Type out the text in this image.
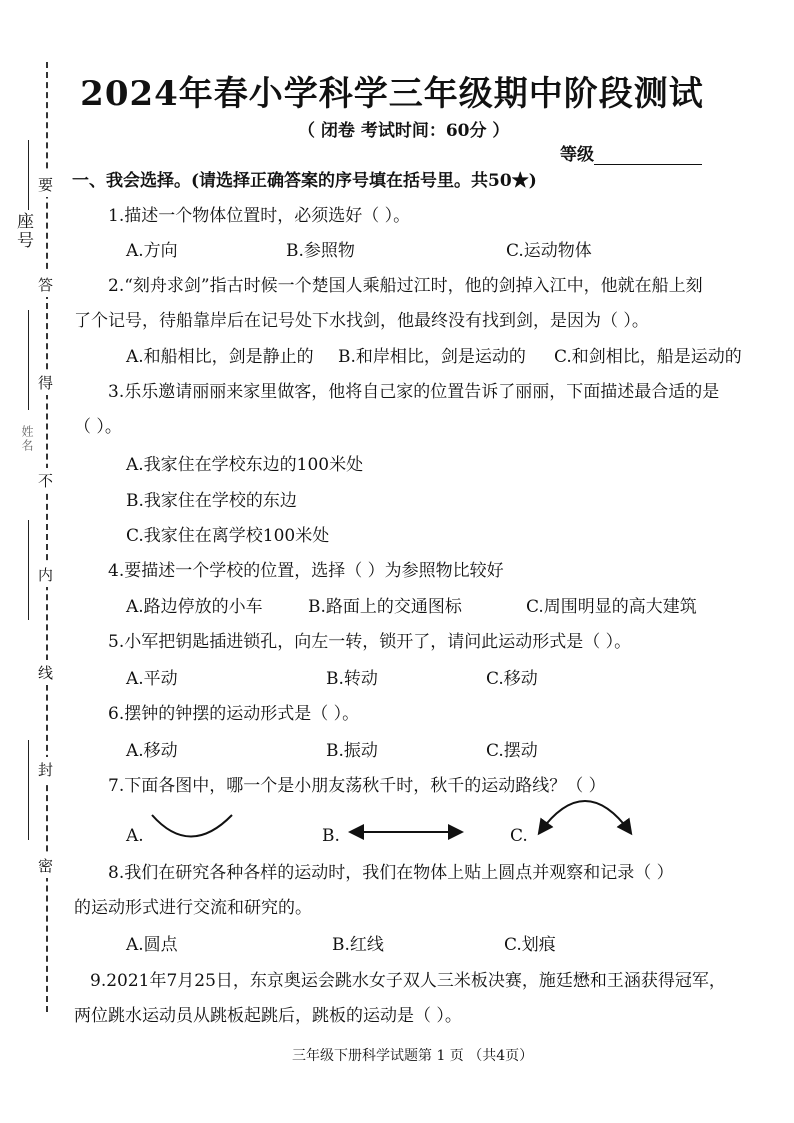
座号
姓名
要
答
得
不
内
线
封
密
2024年春小学科学三年级期中阶段测试
（ 闭卷 考试时间：60分 ）
等级
一、我会选择。(请选择正确答案的序号填在括号里。共50★)
1.描述一个物体位置时，必须选好（ ）。
A.方向	B.参照物	C.运动物体
2.“刻舟求剑”指古时候一个楚国人乘船过江时，他的剑掉入江中，他就在船上刻
了个记号，待船靠岸后在记号处下水找剑，他最终没有找到剑，是因为（ ）。
A.和船相比，剑是静止的 B.和岸相比，剑是运动的 C.和剑相比，船是运动的
3.乐乐邀请丽丽来家里做客，他将自己家的位置告诉了丽丽，下面描述最合适的是
（ ）。
A.我家住在学校东边的100米处
B.我家住在学校的东边
C.我家住在离学校100米处
4.要描述一个学校的位置，选择（ ）为参照物比较好
A.路边停放的小车	B.路面上的交通图标	C.周围明显的高大建筑
5.小军把钥匙插进锁孔，向左一转，锁开了，请问此运动形式是（ ）。
A.平动	B.转动	C.移动
6.摆钟的钟摆的运动形式是（ ）。
A.移动	B.振动	C.摆动
7.下面各图中，哪一个是小朋友荡秋千时，秋千的运动路线？（ ）
A.	B.	C.
8.我们在研究各种各样的运动时，我们在物体上贴上圆点并观察和记录（ ）
的运动形式进行交流和研究的。
A.圆点	B.红线	C.划痕
9.2021年7月25日，东京奥运会跳水女子双人三米板决赛，施廷懋和王涵获得冠军，
两位跳水运动员从跳板起跳后，跳板的运动是（ ）。
三年级下册科学试题第 1 页 （共4页）
